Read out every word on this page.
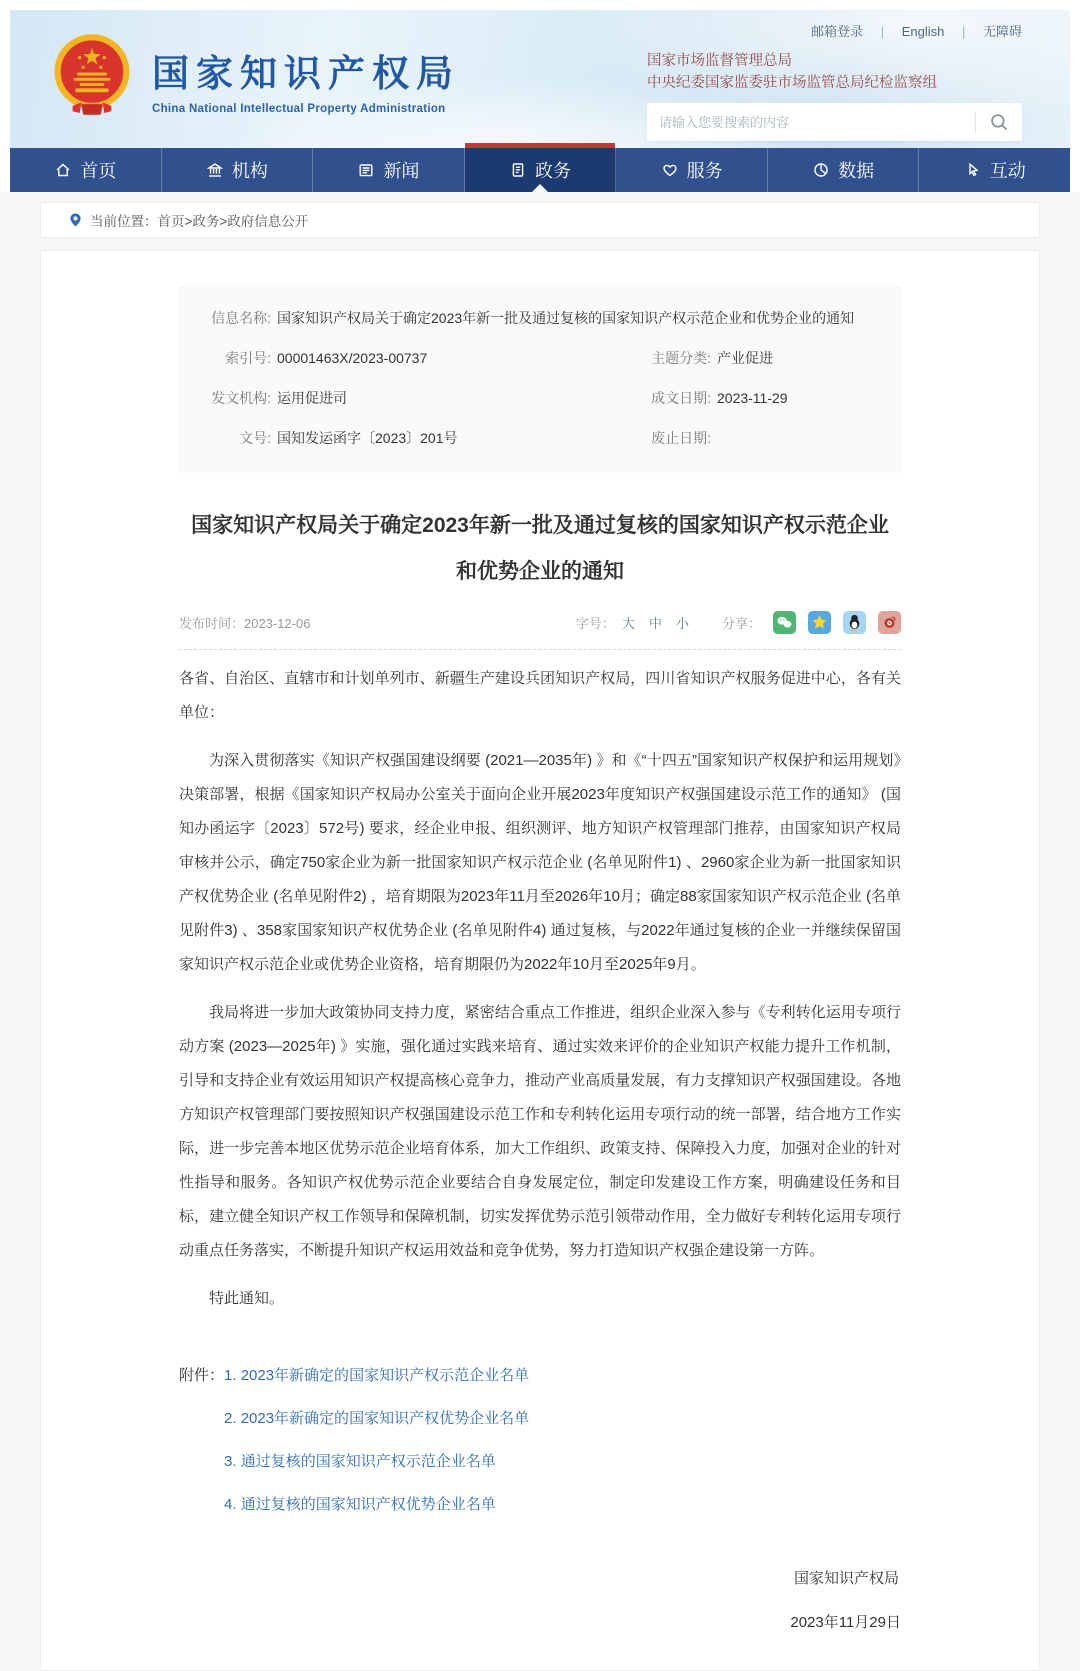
国家知识产权局
China National Intellectual Property Administration
邮箱登录 | English | 无障碍
国家市场监督管理总局
中央纪委国家监委驻市场监管总局纪检监察组
请输入您要搜索的内容
首页	机构	新闻	政务	服务	数据	互动
当前位置： 首页>政务>政府信息公开
信息名称: 国家知识产权局关于确定2023年新一批及通过复核的国家知识产权示范企业和优势企业的通知
索引号: 00001463X/2023-00737	主题分类: 产业促进
发文机构: 运用促进司	成文日期: 2023-11-29
文号: 国知发运函字〔2023〕201号	废止日期:
国家知识产权局关于确定2023年新一批及通过复核的国家知识产权示范企业和优势企业的通知
发布时间：2023-12-06	字号： 大 中 小	分享：

各省、自治区、直辖市和计划单列市、新疆生产建设兵团知识产权局，四川省知识产权服务促进中心，各有关单位：

为深入贯彻落实《知识产权强国建设纲要 (2021—2035年) 》和《“十四五”国家知识产权保护和运用规划》决策部署，根据《国家知识产权局办公室关于面向企业开展2023年度知识产权强国建设示范工作的通知》 (国知办函运字〔2023〕572号) 要求，经企业申报、组织测评、地方知识产权管理部门推荐，由国家知识产权局审核并公示，确定750家企业为新一批国家知识产权示范企业 (名单见附件1) 、2960家企业为新一批国家知识产权优势企业 (名单见附件2) ，培育期限为2023年11月至2026年10月；确定88家国家知识产权示范企业 (名单见附件3) 、358家国家知识产权优势企业 (名单见附件4) 通过复核，与2022年通过复核的企业一并继续保留国家知识产权示范企业或优势企业资格，培育期限仍为2022年10月至2025年9月。

我局将进一步加大政策协同支持力度，紧密结合重点工作推进，组织企业深入参与《专利转化运用专项行动方案 (2023—2025年) 》实施，强化通过实践来培育、通过实效来评价的企业知识产权能力提升工作机制，引导和支持企业有效运用知识产权提高核心竞争力，推动产业高质量发展，有力支撑知识产权强国建设。各地方知识产权管理部门要按照知识产权强国建设示范工作和专利转化运用专项行动的统一部署，结合地方工作实际，进一步完善本地区优势示范企业培育体系，加大工作组织、政策支持、保障投入力度，加强对企业的针对性指导和服务。各知识产权优势示范企业要结合自身发展定位，制定印发建设工作方案，明确建设任务和目标，建立健全知识产权工作领导和保障机制，切实发挥优势示范引领带动作用，全力做好专利转化运用专项行动重点任务落实，不断提升知识产权运用效益和竞争优势，努力打造知识产权强企建设第一方阵。

特此通知。

附件： 1. 2023年新确定的国家知识产权示范企业名单
2. 2023年新确定的国家知识产权优势企业名单
3. 通过复核的国家知识产权示范企业名单
4. 通过复核的国家知识产权优势企业名单
国家知识产权局
2023年11月29日
